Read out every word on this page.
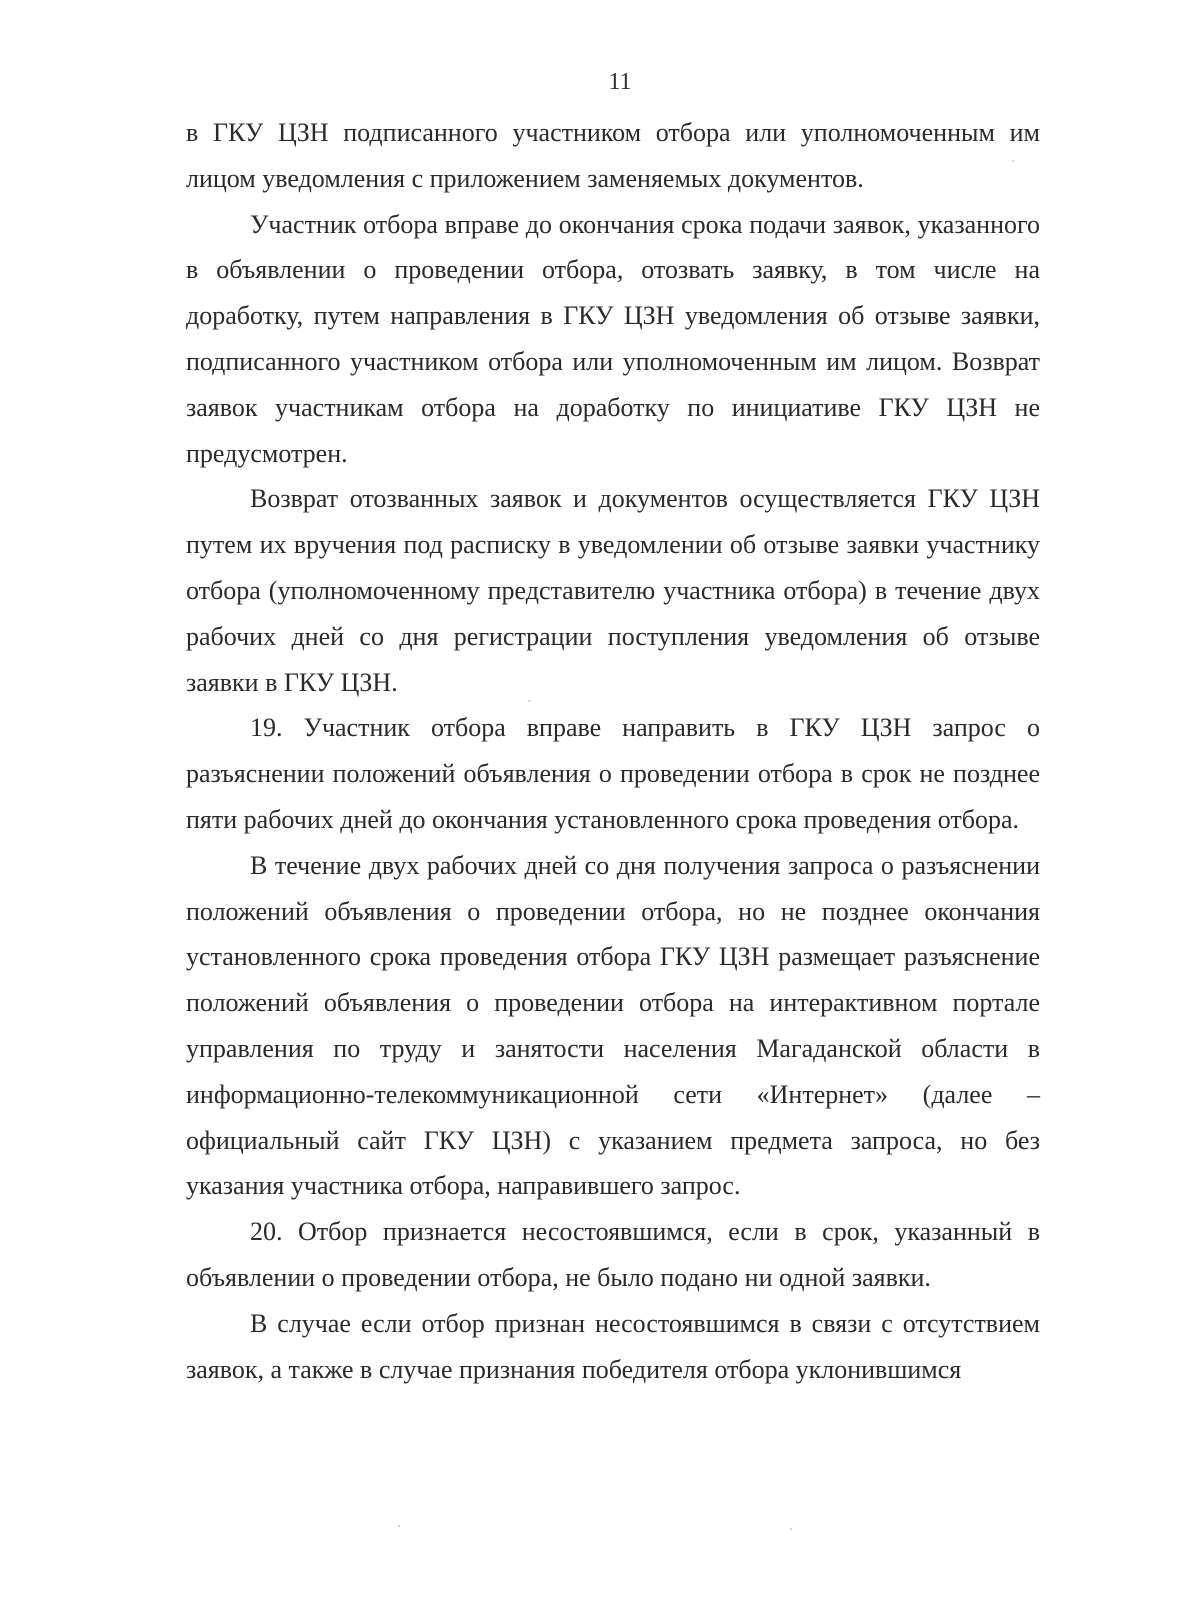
11

в ГКУ ЦЗН подписанного участником отбора или уполномоченным им лицом уведомления с приложением заменяемых документов.

Участник отбора вправе до окончания срока подачи заявок, указанного в объявлении о проведении отбора, отозвать заявку, в том числе на доработку, путем направления в ГКУ ЦЗН уведомления об отзыве заявки, подписанного участником отбора или уполномоченным им лицом. Возврат заявок участникам отбора на доработку по инициативе ГКУ ЦЗН не предусмотрен.

Возврат отозванных заявок и документов осуществляется ГКУ ЦЗН путем их вручения под расписку в уведомлении об отзыве заявки участнику отбора (уполномоченному представителю участника отбора) в течение двух рабочих дней со дня регистрации поступления уведомления об отзыве заявки в ГКУ ЦЗН.

19. Участник отбора вправе направить в ГКУ ЦЗН запрос о разъяснении положений объявления о проведении отбора в срок не позднее пяти рабочих дней до окончания установленного срока проведения отбора.

В течение двух рабочих дней со дня получения запроса о разъяснении положений объявления о проведении отбора, но не позднее окончания установленного срока проведения отбора ГКУ ЦЗН размещает разъяснение положений объявления о проведении отбора на интерактивном портале управления по труду и занятости населения Магаданской области в информационно-телекоммуникационной сети «Интернет» (далее – официальный сайт ГКУ ЦЗН) с указанием предмета запроса, но без указания участника отбора, направившего запрос.

20. Отбор признается несостоявшимся, если в срок, указанный в объявлении о проведении отбора, не было подано ни одной заявки.

В случае если отбор признан несостоявшимся в связи с отсутствием заявок, а также в случае признания победителя отбора уклонившимся
